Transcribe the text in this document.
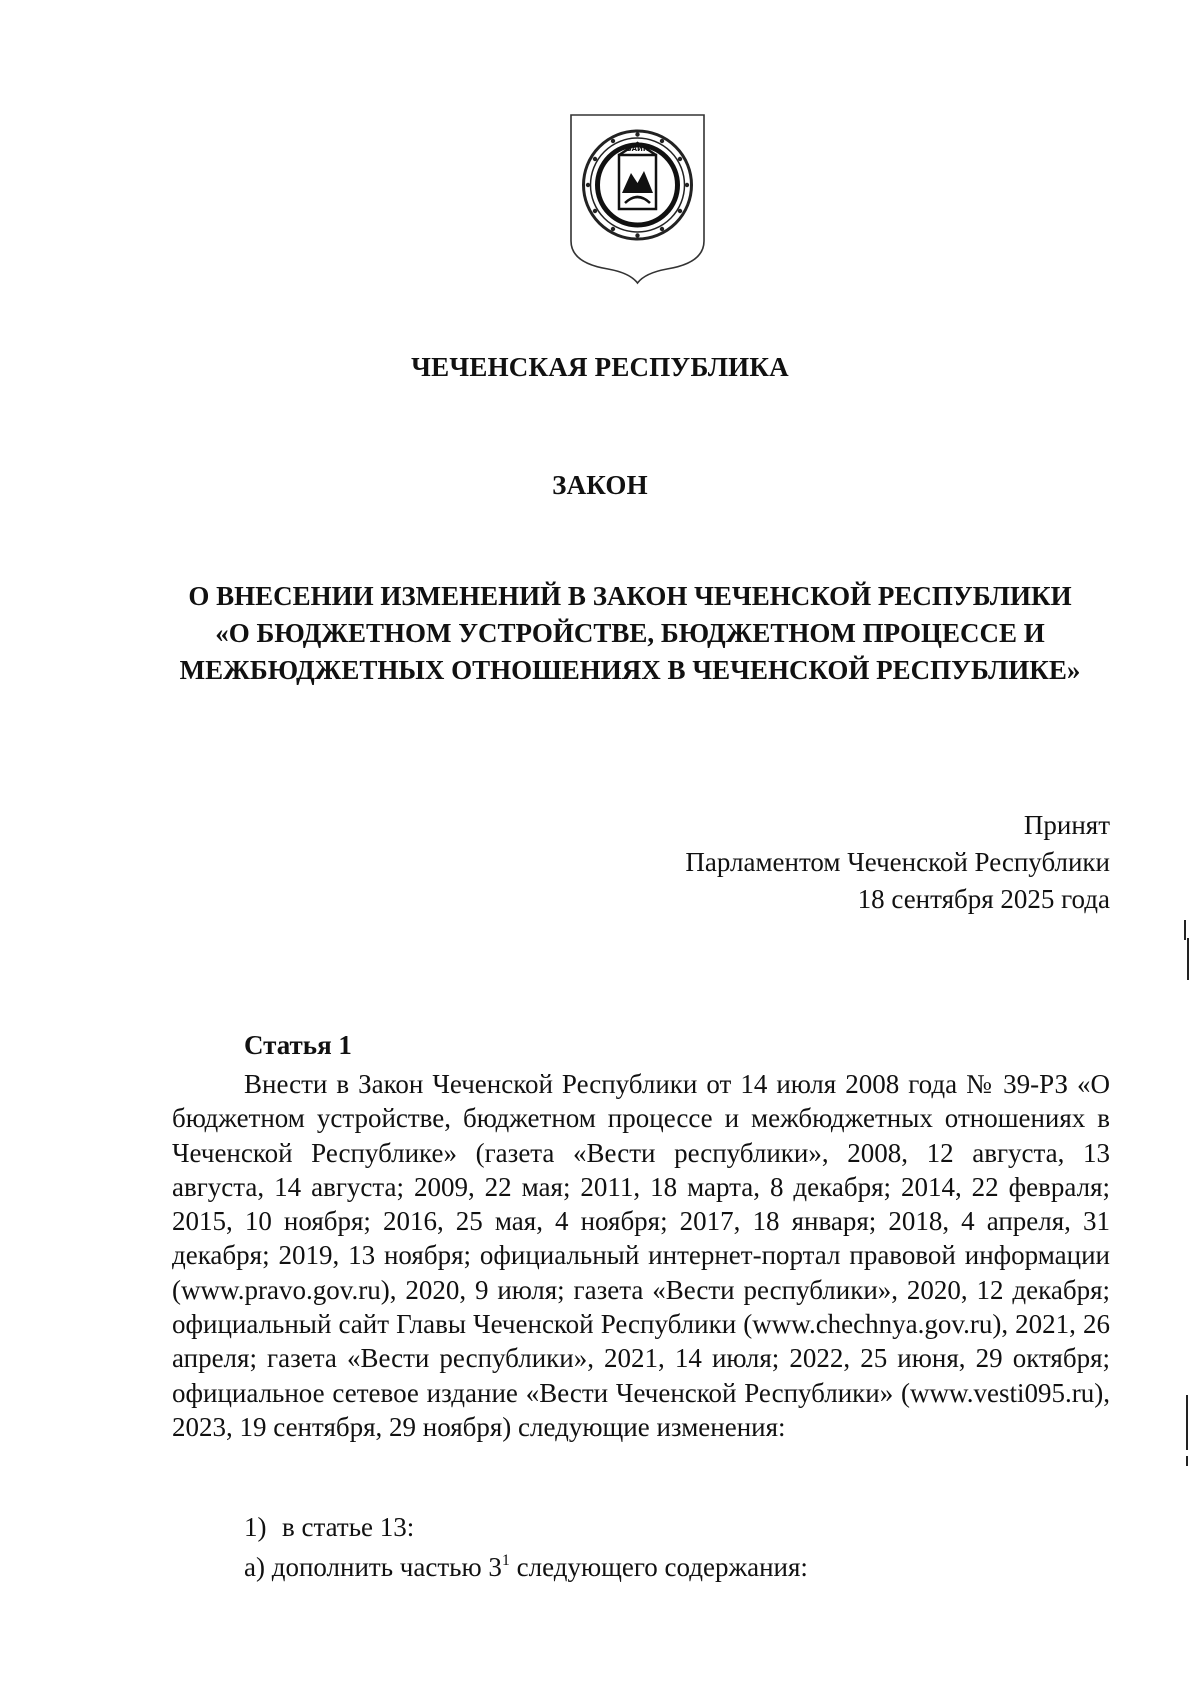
ВАЙН
ЧЕЧЕНСКАЯ РЕСПУБЛИКА
ЗАКОН
О ВНЕСЕНИИ ИЗМЕНЕНИЙ В ЗАКОН ЧЕЧЕНСКОЙ РЕСПУБЛИКИ
«О БЮДЖЕТНОМ УСТРОЙСТВЕ, БЮДЖЕТНОМ ПРОЦЕССЕ И
МЕЖБЮДЖЕТНЫХ ОТНОШЕНИЯХ В ЧЕЧЕНСКОЙ РЕСПУБЛИКЕ»
Принят
Парламентом Чеченской Республики
18 сентября 2025 года
Статья 1
Внести в Закон Чеченской Республики от 14 июля 2008 года № 39-РЗ «О бюджетном устройстве, бюджетном процессе и межбюджетных отношениях в Чеченской Республике» (газета «Вести республики», 2008, 12 августа, 13 августа, 14 августа; 2009, 22 мая; 2011, 18 марта, 8 декабря; 2014, 22 февраля; 2015, 10 ноября; 2016, 25 мая, 4 ноября; 2017, 18 января; 2018, 4 апреля, 31 декабря; 2019, 13 ноября; официальный интернет-портал правовой информации (www.pravo.gov.ru), 2020, 9 июля; газета «Вести республики», 2020, 12 декабря; официальный сайт Главы Чеченской Республики (www.chechnya.gov.ru), 2021, 26 апреля; газета «Вести республики», 2021, 14 июля; 2022, 25 июня, 29 октября; официальное сетевое издание «Вести Чеченской Республики» (www.vesti095.ru), 2023, 19 сентября, 29 ноября) следующие изменения:
1) в статье 13:
а) дополнить частью $3^1$ следующего содержания:
